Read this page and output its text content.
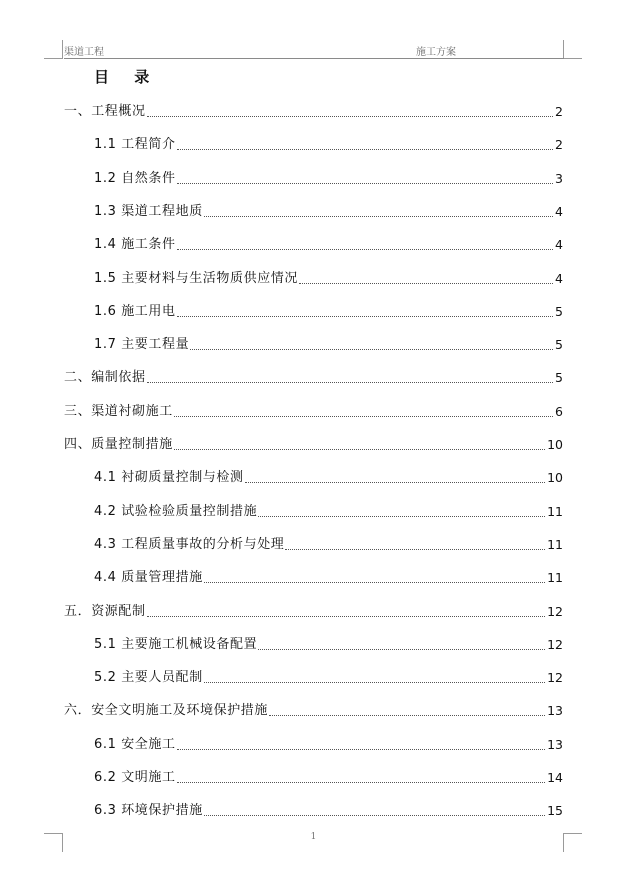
渠道工程	施工方案
目 录
一、工程概况	2
1.1 工程简介	2
1.2 自然条件	3
1.3 渠道工程地质	4
1.4 施工条件	4
1.5 主要材料与生活物质供应情况	4
1.6 施工用电	5
1.7 主要工程量	5
二、编制依据	5
三、渠道衬砌施工	6
四、质量控制措施	10
4.1 衬砌质量控制与检测	10
4.2 试验检验质量控制措施	11
4.3 工程质量事故的分析与处理	11
4.4 质量管理措施	11
五．资源配制	12
5.1 主要施工机械设备配置	12
5.2 主要人员配制	12
六．安全文明施工及环境保护措施	13
6.1 安全施工	13
6.2 文明施工	14
6.3 环境保护措施	15
1
